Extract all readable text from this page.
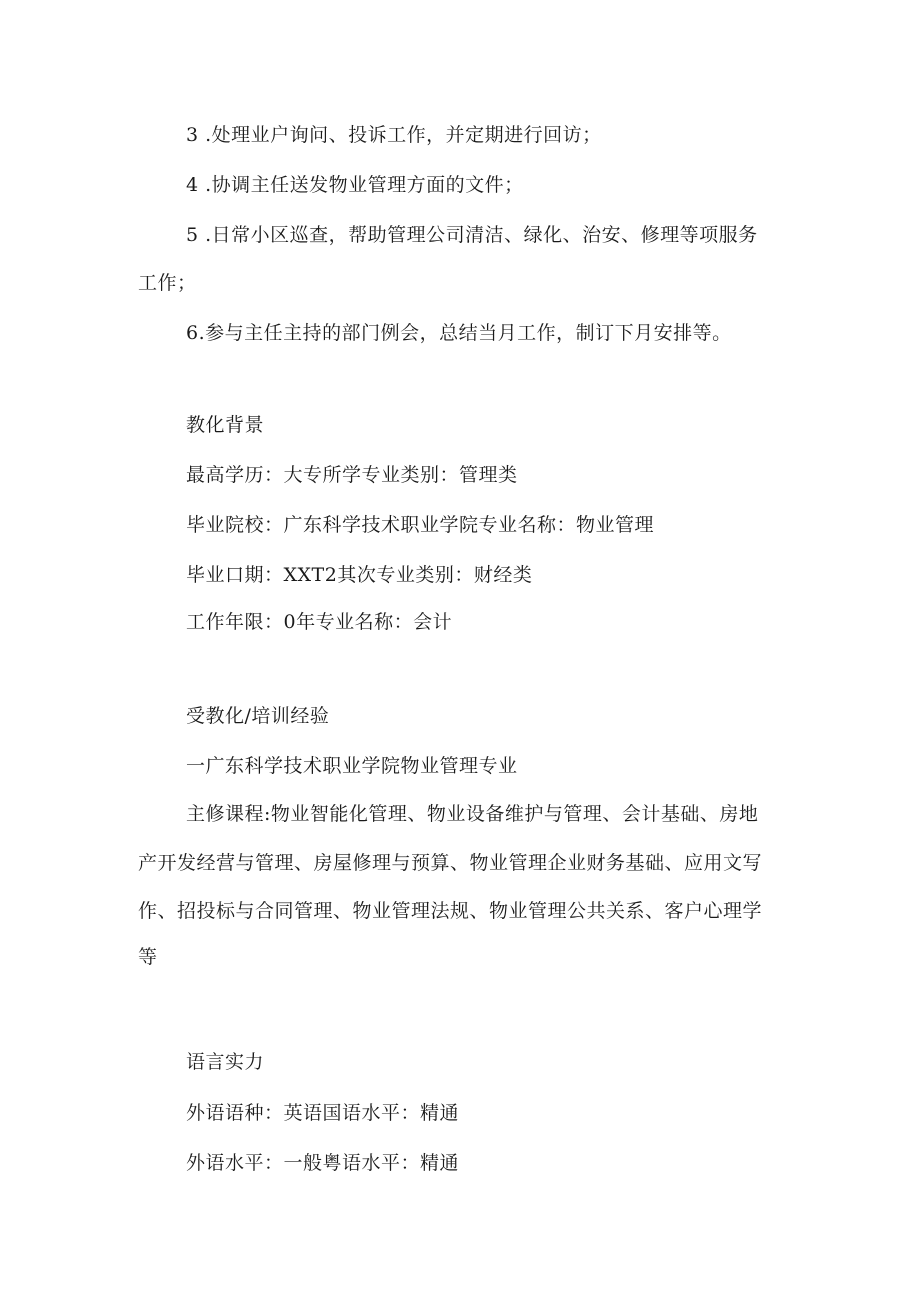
3 .处理业户询问、投诉工作，并定期进行回访；
4 .协调主任送发物业管理方面的文件；
5 .日常小区巡查，帮助管理公司清洁、绿化、治安、修理等项服务
工作；
6.参与主任主持的部门例会，总结当月工作，制订下月安排等。
教化背景
最高学历：大专所学专业类别：管理类
毕业院校：广东科学技术职业学院专业名称：物业管理
毕业口期：XXT2其次专业类别：财经类
工作年限：0年专业名称：会计
受教化/培训经验
一广东科学技术职业学院物业管理专业
主修课程:物业智能化管理、物业设备维护与管理、会计基础、房地
产开发经营与管理、房屋修理与预算、物业管理企业财务基础、应用文写
作、招投标与合同管理、物业管理法规、物业管理公共关系、客户心理学
等
语言实力
外语语种：英语国语水平：精通
外语水平：一般粤语水平：精通
